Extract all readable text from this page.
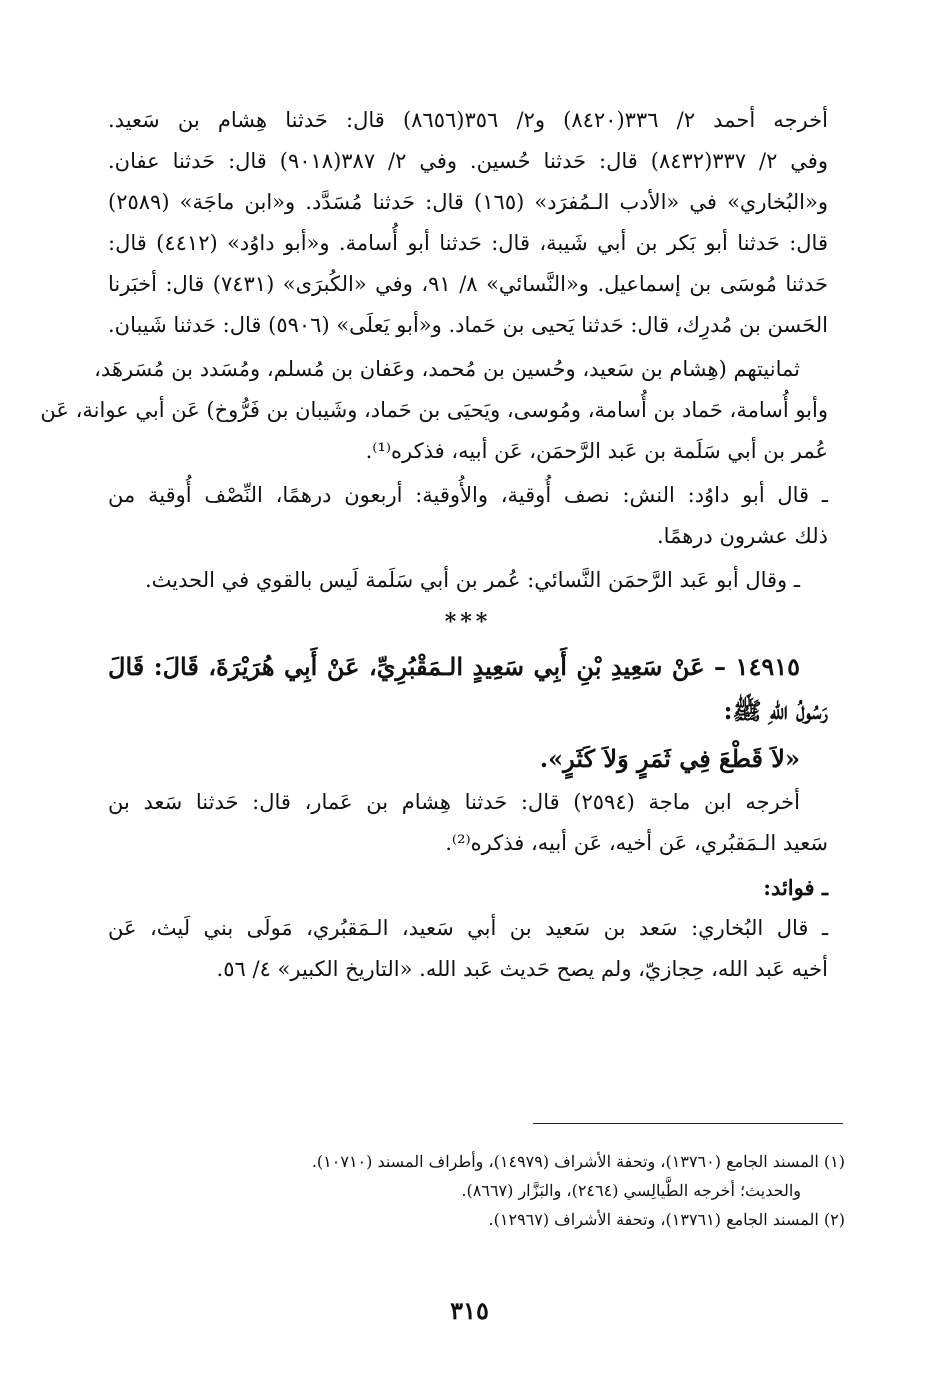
أخرجه أحمد ٢/ ٣٣٦(٨٤٢٠) و٢/ ٣٥٦(٨٦٥٦) قال: حَدثنا هِشام بن سَعيد.
وفي ٢/ ٣٣٧(٨٤٣٢) قال: حَدثنا حُسين. وفي ٢/ ٣٨٧(٩٠١٨) قال: حَدثنا عفان.
و«البُخاري» في «الأدب الـمُفرَد» (١٦٥) قال: حَدثنا مُسَدَّد. و«ابن ماجَة» (٢٥٨٩)
قال: حَدثنا أبو بَكر بن أبي شَيبة، قال: حَدثنا أبو أُسامة. و«أبو داوُد» (٤٤١٢) قال:
حَدثنا مُوسَى بن إسماعيل. و«النَّسائي» ٨/ ٩١، وفي «الكُبرَى» (٧٤٣١) قال: أخبَرنا
الحَسن بن مُدرِك، قال: حَدثنا يَحيى بن حَماد. و«أبو يَعلَى» (٥٩٠٦) قال: حَدثنا شَيبان.
ثمانيتهم (هِشام بن سَعيد، وحُسين بن مُحمد، وعَفان بن مُسلم، ومُسَدد بن مُسَرهَد،
وأبو أُسامة، حَماد بن أُسامة، ومُوسى، ويَحيَى بن حَماد، وشَيبان بن فَرُّوخ) عَن أبي عوانة، عَن
عُمر بن أبي سَلَمة بن عَبد الرَّحمَن، عَن أبيه، فذكره⁽¹⁾.
ـ قال أبو داوُد: النش: نصف أُوقية، والأُوقية: أربعون درهمًا، النِّصْف أُوقية من
ذلك عشرون درهمًا.
ـ وقال أبو عَبد الرَّحمَن النَّسائي: عُمر بن أبي سَلَمة لَيس بالقوي في الحديث.
***
١٤٩١٥ – عَنْ سَعِيدِ بْنِ أَبِي سَعِيدٍ الـمَقْبُرِيِّ، عَنْ أَبِي هُرَيْرَةَ، قَالَ: قَالَ
رَسُولُ اللهِ ﷺ:
«لاَ قَطْعَ فِي ثَمَرٍ وَلاَ كَثَرٍ».
أخرجه ابن ماجة (٢٥٩٤) قال: حَدثنا هِشام بن عَمار، قال: حَدثنا سَعد بن
سَعيد الـمَقبُري، عَن أخيه، عَن أبيه، فذكره⁽²⁾.
ـ فوائد:
ـ قال البُخاري: سَعد بن سَعيد بن أبي سَعيد، الـمَقبُري، مَولَى بني لَيث، عَن
أخيه عَبد الله، حِجازيّ، ولم يصح حَديث عَبد الله. «التاريخ الكبير» ٤/ ٥٦.
(١) المسند الجامع (١٣٧٦٠)، وتحفة الأشراف (١٤٩٧٩)، وأطراف المسند (١٠٧١٠).
والحديث؛ أخرجه الطَّيالِسي (٢٤٦٤)، والبَزَّار (٨٦٦٧).
(٢) المسند الجامع (١٣٧٦١)، وتحفة الأشراف (١٢٩٦٧).
٣١٥
